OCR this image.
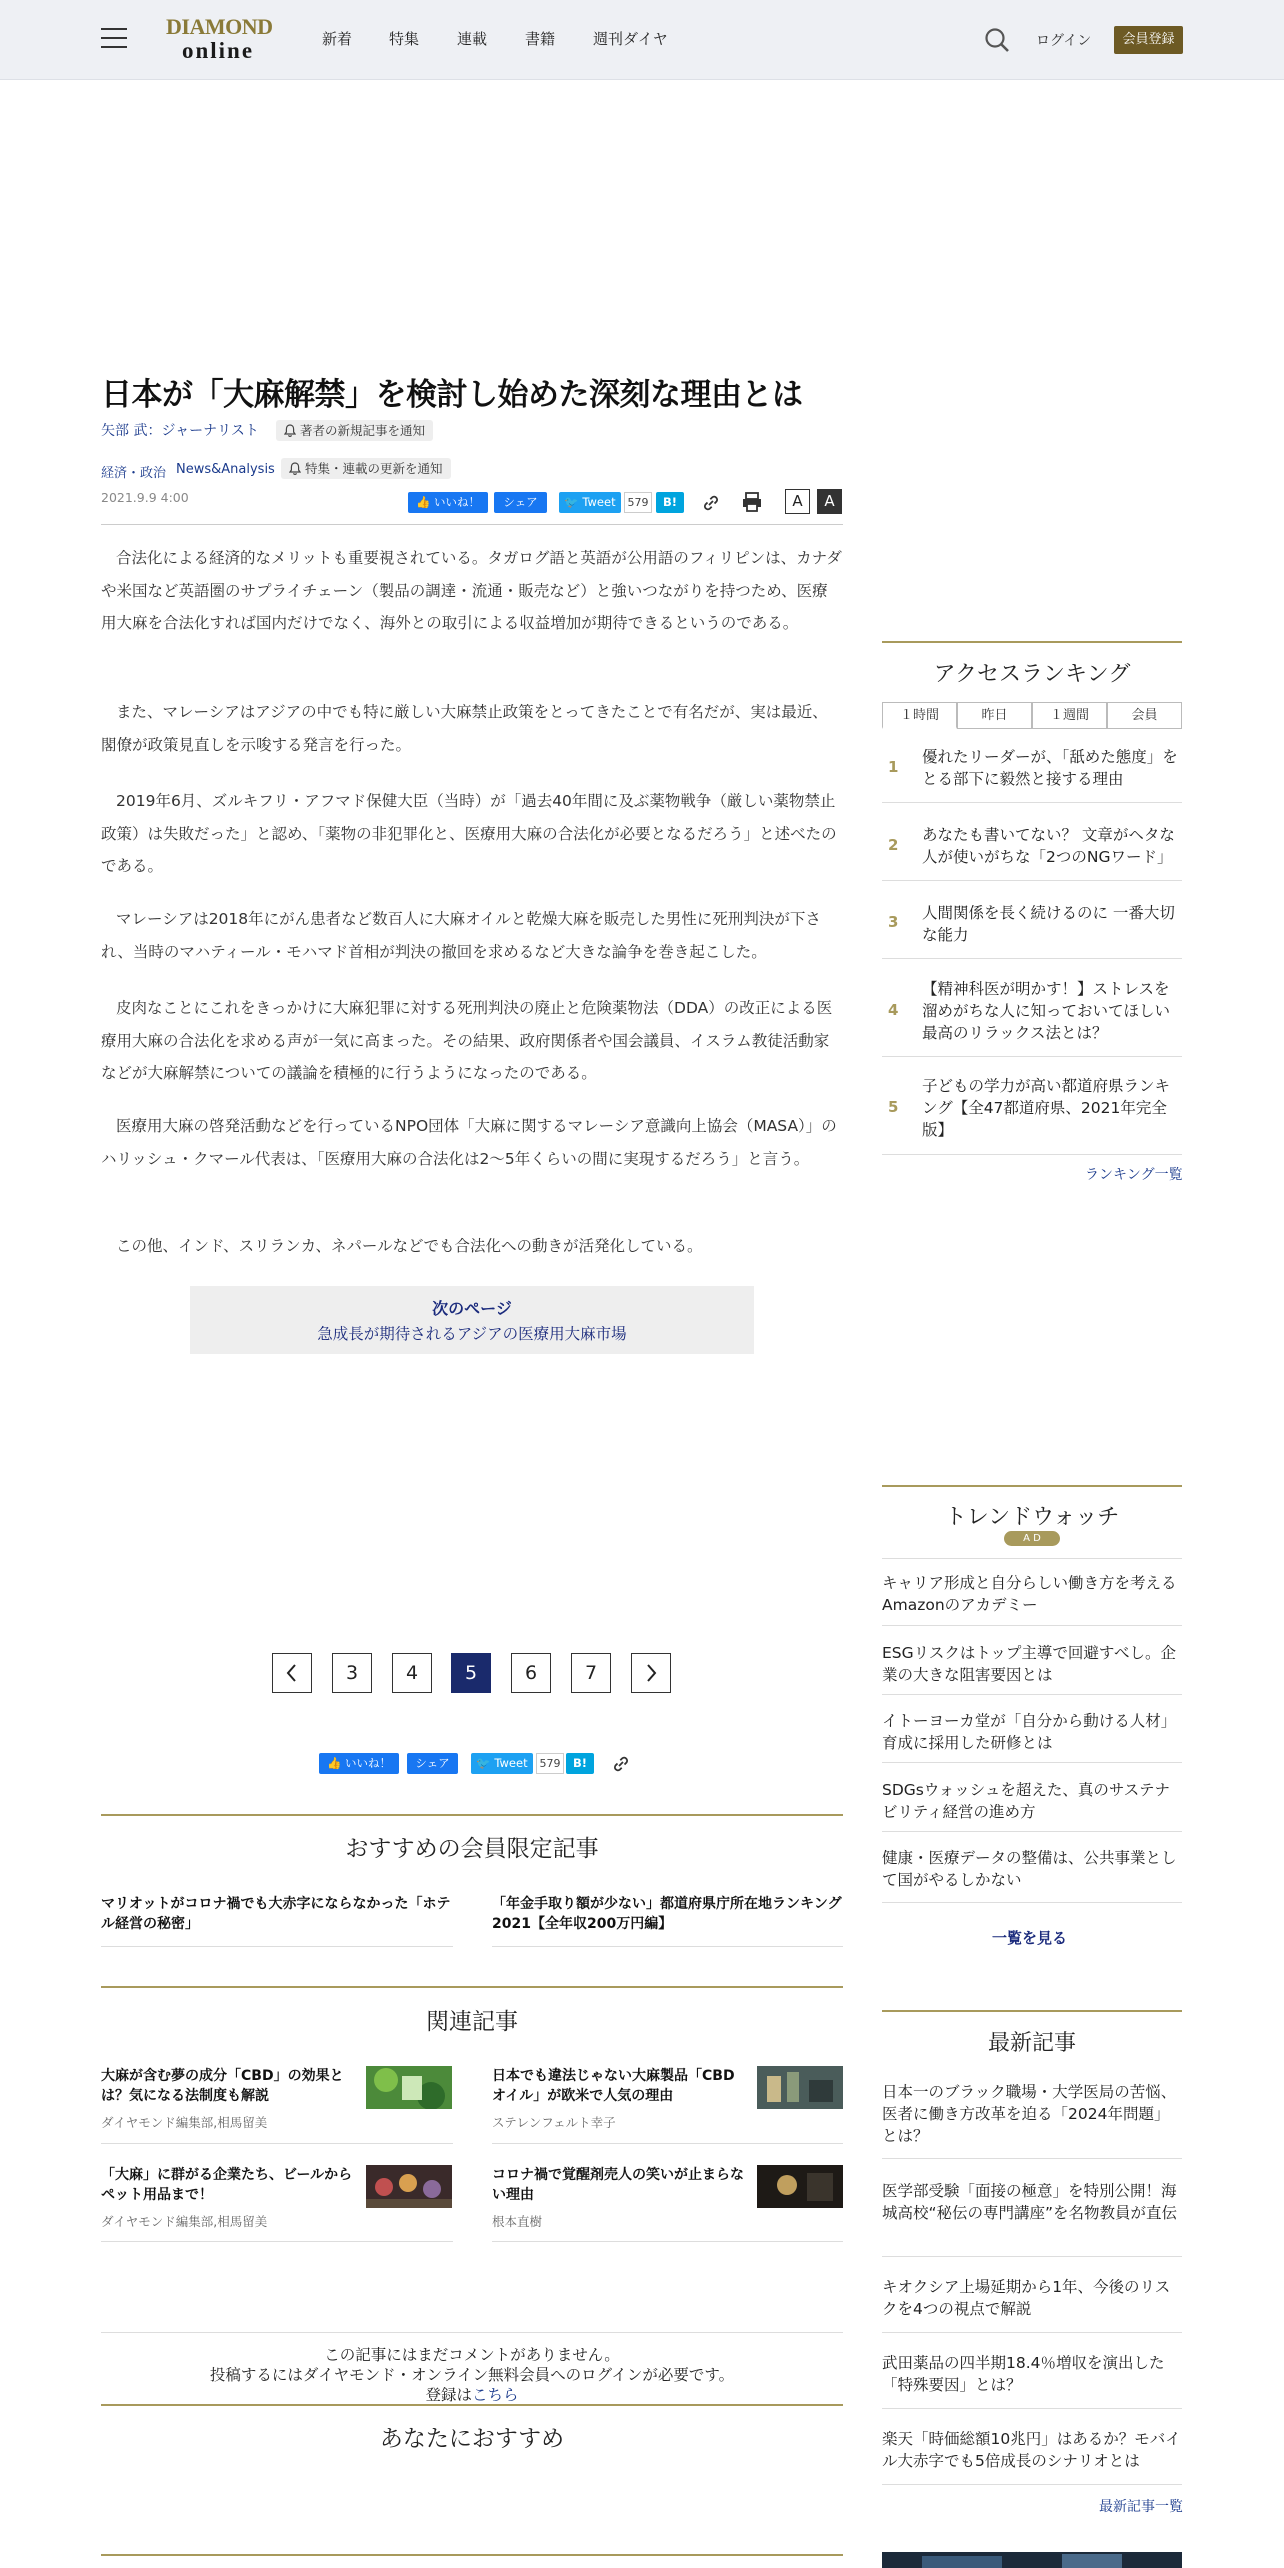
DIAMOND
online	新着 特集	連載	書籍	週刊ダイヤ	ログイン	会員登録
日本が「大麻解禁」を検討し始めた深刻な理由とは
矢部 武：ジャーナリスト	著者の新規記事を通知
経済・政治 News&Analysis	特集・連載の更新を通知
2021.9.9 4:00	👍 いいね！	シェア	🐦 Tweet	579	B!	A	A

合法化による経済的なメリットも重要視されている。タガログ語と英語が公用語のフィリピンは、カナダや米国など英語圏のサプライチェーン（製品の調達・流通・販売など）と強いつながりを持つため、医療用大麻を合法化すれば国内だけでなく、海外との取引による収益増加が期待できるというのである。

また、マレーシアはアジアの中でも特に厳しい大麻禁止政策をとってきたことで有名だが、実は最近、閣僚が政策見直しを示唆する発言を行った。

2019年6月、ズルキフリ・アフマド保健大臣（当時）が「過去40年間に及ぶ薬物戦争（厳しい薬物禁止政策）は失敗だった」と認め、「薬物の非犯罪化と、医療用大麻の合法化が必要となるだろう」と述べたのである。

マレーシアは2018年にがん患者など数百人に大麻オイルと乾燥大麻を販売した男性に死刑判決が下され、当時のマハティール・モハマド首相が判決の撤回を求めるなど大きな論争を巻き起こした。

皮肉なことにこれをきっかけに大麻犯罪に対する死刑判決の廃止と危険薬物法（DDA）の改正による医療用大麻の合法化を求める声が一気に高まった。その結果、政府関係者や国会議員、イスラム教徒活動家などが大麻解禁についての議論を積極的に行うようになったのである。

医療用大麻の啓発活動などを行っているNPO団体「大麻に関するマレーシア意識向上協会（MASA）」のハリッシュ・クマール代表は、「医療用大麻の合法化は2～5年くらいの間に実現するだろう」と言う。

この他、インド、スリランカ、ネパールなどでも合法化への動きが活発化している。

次のページ
急成長が期待されるアジアの医療用大麻市場
3	4	5	6	7
👍 いいね！	シェア	🐦 Tweet	579	B!
おすすめの会員限定記事
マリオットがコロナ禍でも大赤字にならなかった「ホテル経営の秘密」
「年金手取り額が少ない」都道府県庁所在地ランキング2021【全年収200万円編】
関連記事
大麻が含む夢の成分「CBD」の効果とは？気になる法制度も解説
ダイヤモンド編集部,相馬留美
日本でも違法じゃない大麻製品「CBDオイル」が欧米で人気の理由
ステレンフェルト幸子
「大麻」に群がる企業たち、ビールからペット用品まで！
ダイヤモンド編集部,相馬留美
コロナ禍で覚醒剤売人の笑いが止まらない理由
根本直樹
この記事にはまだコメントがありません。
投稿するにはダイヤモンド・オンライン無料会員へのログインが必要です。
登録はこちら
あなたにおすすめ
アクセスランキング
１時間	昨日	１週間	会員
1
優れたリーダーが、「舐めた態度」をとる部下に毅然と接する理由
2
あなたも書いてない？ 文章がヘタな人が使いがちな「2つのNGワード」
3 人間関係を長く続けるのに 一番大切な能力
4
【精神科医が明かす！】ストレスを溜めがちな人に知っておいてほしい最高のリラックス法とは？
5
子どもの学力が高い都道府県ランキング【全47都道府県、2021年完全版】
ランキング一覧
トレンドウォッチ
A D
キャリア形成と自分らしい働き方を考えるAmazonのアカデミー
ESGリスクはトップ主導で回避すべし。企業の大きな阻害要因とは
イトーヨーカ堂が「自分から動ける人材」育成に採用した研修とは
SDGsウォッシュを超えた、真のサステナビリティ経営の進め方
健康・医療データの整備は、公共事業として国がやるしかない
一覧を見る
最新記事
日本一のブラック職場・大学医局の苦悩、医者に働き方改革を迫る「2024年問題」とは？
医学部受験「面接の極意」を特別公開！海城高校“秘伝の専門講座”を名物教員が直伝
キオクシア上場延期から1年、今後のリスクを4つの視点で解説
武田薬品の四半期18.4％増収を演出した「特殊要因」とは？
楽天「時価総額10兆円」はあるか？モバイル大赤字でも5倍成長のシナリオとは
最新記事一覧
